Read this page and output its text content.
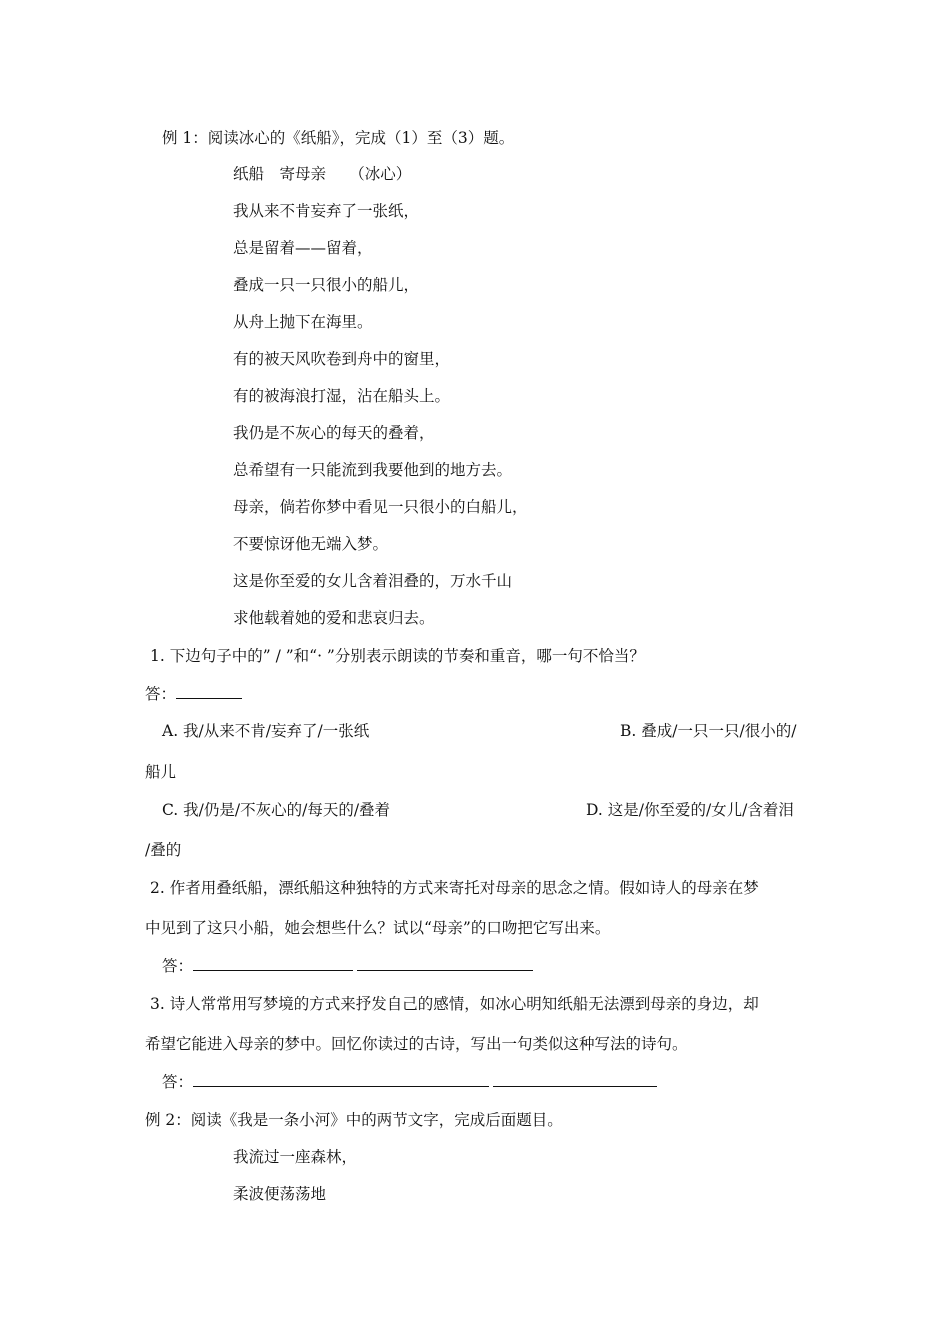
例 1：阅读冰心的《纸船》，完成（1）至（3）题。
纸船　寄母亲　　（冰心）
我从来不肯妄弃了一张纸，
总是留着——留着，
叠成一只一只很小的船儿，
从舟上抛下在海里。
有的被天风吹卷到舟中的窗里，
有的被海浪打湿，沾在船头上。
我仍是不灰心的每天的叠着，
总希望有一只能流到我要他到的地方去。
母亲，倘若你梦中看见一只很小的白船儿，
不要惊讶他无端入梦。
这是你至爱的女儿含着泪叠的，万水千山
求他载着她的爱和悲哀归去。
1. 下边句子中的” / ”和“· ”分别表示朗读的节奏和重音，哪一句不恰当？
答：
A. 我/从来不肯/妄弃了/一张纸	B. 叠成/一只一只/很小的/
船儿
C. 我/仍是/不灰心的/每天的/叠着	D. 这是/你至爱的/女儿/含着泪
/叠的
2. 作者用叠纸船，漂纸船这种独特的方式来寄托对母亲的思念之情。假如诗人的母亲在梦
中见到了这只小船，她会想些什么？试以“母亲”的口吻把它写出来。
答：
3. 诗人常常用写梦境的方式来抒发自己的感情，如冰心明知纸船无法漂到母亲的身边，却
希望它能进入母亲的梦中。回忆你读过的古诗，写出一句类似这种写法的诗句。
答：
例 2：阅读《我是一条小河》中的两节文字，完成后面题目。
我流过一座森林，
柔波便荡荡地
